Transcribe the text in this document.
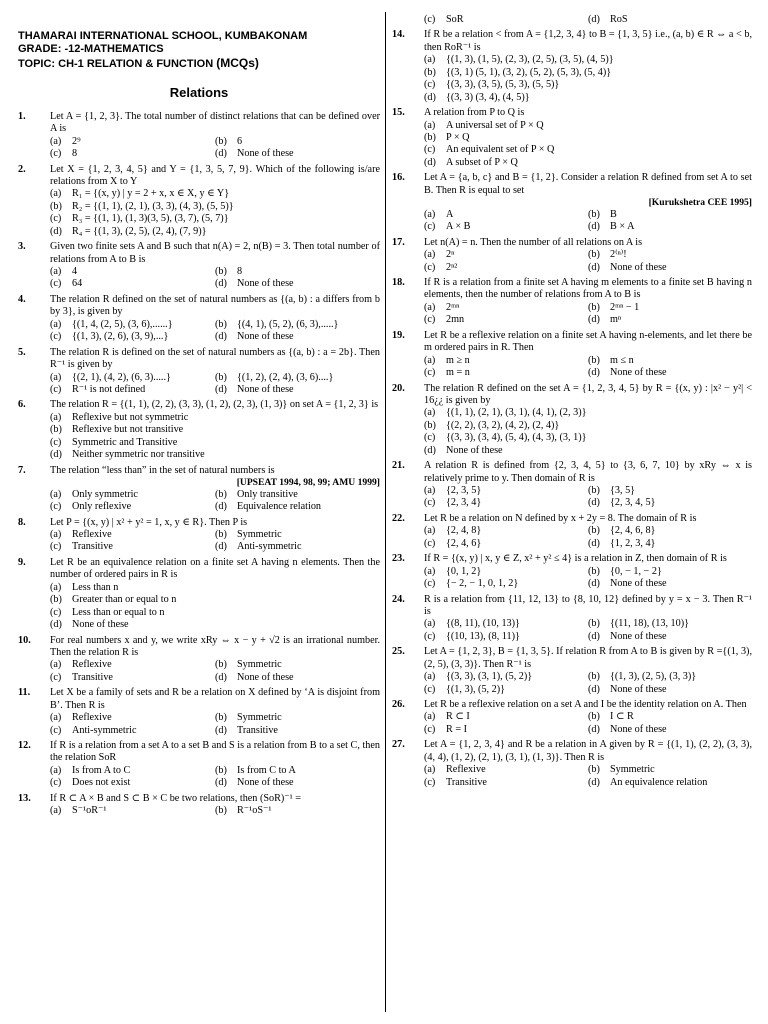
THAMARAI INTERNATIONAL SCHOOL, KUMBAKONAM
GRADE: -12-MATHEMATICS
TOPIC: CH-1 RELATION & FUNCTION (MCQs)
Relations
1. Let A = {1, 2, 3}. The total number of distinct relations that can be defined over A is
(a)	2⁹	(b) 6
(c)	8	(d) None of these
2. Let X = {1, 2, 3, 4, 5} and Y = {1, 3, 5, 7, 9}. Which of the following is/are relations from X to Y
(a)	R₁ = {(x, y) | y = 2 + x, x ∈ X, y ∈ Y}
(b) R₂ = {(1, 1), (2, 1), (3, 3), (4, 3), (5, 5)}
(c)	R₃ = {(1, 1), (1, 3)(3, 5), (3, 7), (5, 7)}
(d) R₄ = {(1, 3), (2, 5), (2, 4), (7, 9)}
3. Given two finite sets A and B such that n(A) = 2, n(B) = 3. Then total number of relations from A to B is
(a)	4	(b) 8
(c)	64	(d) None of these
4. The relation R defined on the set of natural numbers as {(a, b) : a differs from b by 3}, is given by
(a)	{(1, 4, (2, 5), (3, 6),......}	(b) {(4, 1), (5, 2), (6, 3),.....}
(c)	{(1, 3), (2, 6), (3, 9),...}	(d) None of these
5. The relation R is defined on the set of natural numbers as {(a, b) : a = 2b}. Then R⁻¹ is given by
(a)	{(2, 1), (4, 2), (6, 3).....}	(b) {(1, 2), (2, 4), (3, 6)....}
(c)	R⁻¹ is not defined	(d) None of these
6. The relation R = {(1, 1), (2, 2), (3, 3), (1, 2), (2, 3), (1, 3)} on set A = {1, 2, 3} is
(a)	Reflexive but not symmetric
(b) Reflexive but not transitive
(c)	Symmetric and Transitive
(d) Neither symmetric nor transitive
7. The relation “less than” in the set of natural numbers is
[UPSEAT 1994, 98, 99; AMU 1999]
(a)	Only symmetric	(b) Only transitive
(c)	Only reflexive	(d) Equivalence relation
8. Let P = {(x, y) | x² + y² = 1, x, y ∈ R}. Then P is
(a)	Reflexive	(b) Symmetric
(c)	Transitive	(d) Anti-symmetric
9. Let R be an equivalence relation on a finite set A having n elements. Then the number of ordered pairs in R is
(a)	Less than n
(b) Greater than or equal to n
(c)	Less than or equal to n
(d) None of these
10. For real numbers x and y, we write xRy ⇔ x − y + √2 is an irrational number. Then the relation R is
(a)	Reflexive	(b) Symmetric
(c)	Transitive	(d) None of these
11. Let X be a family of sets and R be a relation on X defined by ‘A is disjoint from B’. Then R is
(a)	Reflexive	(b) Symmetric
(c)	Anti-symmetric	(d) Transitive
12. If R is a relation from a set A to a set B and S is a relation from B to a set C, then the relation SoR
(a)	Is from A to C	(b) Is from C to A
(c)	Does not exist	(d) None of these
13. If R ⊂ A × B and S ⊂ B × C be two relations, then (SoR)⁻¹ =
(a)	S⁻¹oR⁻¹	(b) R⁻¹oS⁻¹
(c)	SoR	(d) RoS
14. If R be a relation < from A = {1,2, 3, 4} to B = {1, 3, 5} i.e., (a, b) ∈ R ⇔ a < b, then RoR⁻¹ is
(a)	{(1, 3), (1, 5), (2, 3), (2, 5), (3, 5), (4, 5)}
(b) {(3, 1) (5, 1), (3, 2), (5, 2), (5, 3), (5, 4)}
(c)	{(3, 3), (3, 5), (5, 3), (5, 5)}
(d) {(3, 3) (3, 4), (4, 5)}
15. A relation from P to Q is
(a)	A universal set of P × Q
(b) P × Q
(c)	An equivalent set of P × Q
(d) A subset of P × Q
16. Let A = {a, b, c} and B = {1, 2}. Consider a relation R defined from set A to set B. Then R is equal to set
[Kurukshetra CEE 1995]
(a)	A	(b) B
(c)	A × B	(d) B × A
17. Let n(A) = n. Then the number of all relations on A is
(a)	2ⁿ	(b) 2⁽ⁿ⁾!
(c)	2ⁿ²	(d) None of these
18. If R is a relation from a finite set A having m elements to a finite set B having n elements, then the number of relations from A to B is
(a)	2ᵐⁿ	(b) 2ᵐⁿ − 1
(c)	2mn	(d) mⁿ
19. Let R be a reflexive relation on a finite set A having n-elements, and let there be m ordered pairs in R. Then
(a)	m ≥ n	(b) m ≤ n
(c)	m = n	(d) None of these
20. The relation R defined on the set A = {1, 2, 3, 4, 5} by R = {(x, y) : |x² − y²| < 16¿¿ is given by
(a)	{(1, 1), (2, 1), (3, 1), (4, 1), (2, 3)}
(b) {(2, 2), (3, 2), (4, 2), (2, 4)}
(c)	{(3, 3), (3, 4), (5, 4), (4, 3), (3, 1)}
(d) None of these
21. A relation R is defined from {2, 3, 4, 5} to {3, 6, 7, 10} by xRy ⇔ x is relatively prime to y. Then domain of R is
(a)	{2, 3, 5}	(b) {3, 5}
(c)	{2, 3, 4}	(d) {2, 3, 4, 5}
22. Let R be a relation on N defined by x + 2y = 8. The domain of R is
(a)	{2, 4, 8}	(b) {2, 4, 6, 8}
(c)	{2, 4, 6}	(d) {1, 2, 3, 4}
23. If R = {(x, y) | x, y ∈ Z, x² + y² ≤ 4} is a relation in Z, then domain of R is
(a)	{0, 1, 2}	(b) {0, − 1, − 2}
(c)	{− 2, − 1, 0, 1, 2}	(d) None of these
24. R is a relation from {11, 12, 13} to {8, 10, 12} defined by y = x − 3. Then R⁻¹ is
(a)	{(8, 11), (10, 13)}	(b) {(11, 18), (13, 10)}
(c)	{(10, 13), (8, 11)}	(d) None of these
25. Let A = {1, 2, 3}, B = {1, 3, 5}. If relation R from A to B is given by R ={(1, 3), (2, 5), (3, 3)}. Then R⁻¹ is
(a)	{(3, 3), (3, 1), (5, 2)}	(b) {(1, 3), (2, 5), (3, 3)}
(c)	{(1, 3), (5, 2)}	(d) None of these
26. Let R be a reflexive relation on a set A and I be the identity relation on A. Then
(a)	R ⊂ I	(b) I ⊂ R
(c)	R = I	(d) None of these
27. Let A = {1, 2, 3, 4} and R be a relation in A given by R = {(1, 1), (2, 2), (3, 3), (4, 4), (1, 2), (2, 1), (3, 1), (1, 3)}. Then R is
(a)	Reflexive	(b) Symmetric
(c)	Transitive	(d) An equivalence relation
